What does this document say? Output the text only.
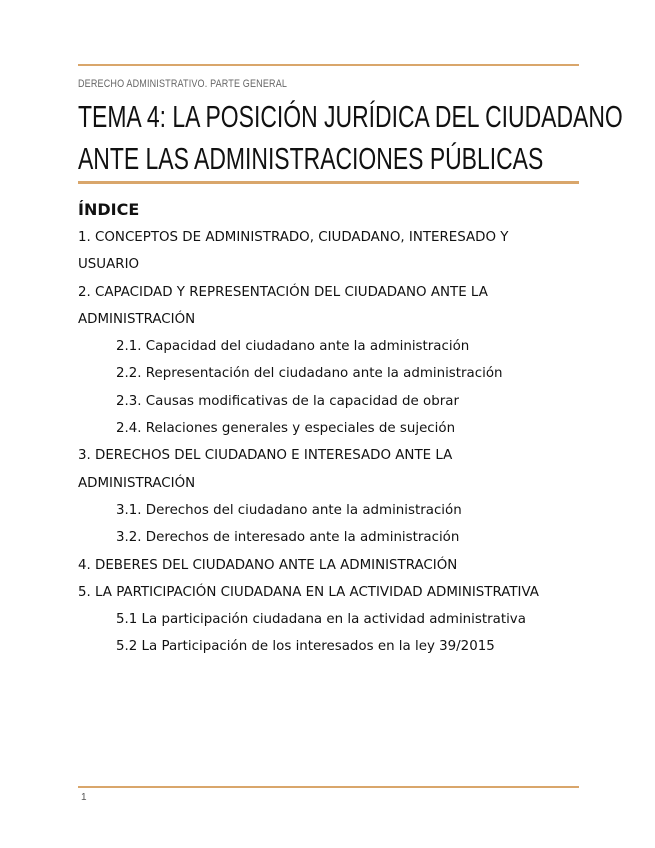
DERECHO ADMINISTRATIVO. PARTE GENERAL
TEMA 4: LA POSICIÓN JURÍDICA DEL CIUDADANO
ANTE LAS ADMINISTRACIONES PÚBLICAS
ÍNDICE
1. CONCEPTOS DE ADMINISTRADO, CIUDADANO, INTERESADO Y
USUARIO
2. CAPACIDAD Y REPRESENTACIÓN DEL CIUDADANO ANTE LA
ADMINISTRACIÓN
2.1. Capacidad del ciudadano ante la administración
2.2. Representación del ciudadano ante la administración
2.3. Causas modificativas de la capacidad de obrar
2.4. Relaciones generales y especiales de sujeción
3. DERECHOS DEL CIUDADANO E INTERESADO ANTE LA
ADMINISTRACIÓN
3.1. Derechos del ciudadano ante la administración
3.2. Derechos de interesado ante la administración
4. DEBERES DEL CIUDADANO ANTE LA ADMINISTRACIÓN
5. LA PARTICIPACIÓN CIUDADANA EN LA ACTIVIDAD ADMINISTRATIVA
5.1 La participación ciudadana en la actividad administrativa
5.2 La Participación de los interesados en la ley 39/2015
1
